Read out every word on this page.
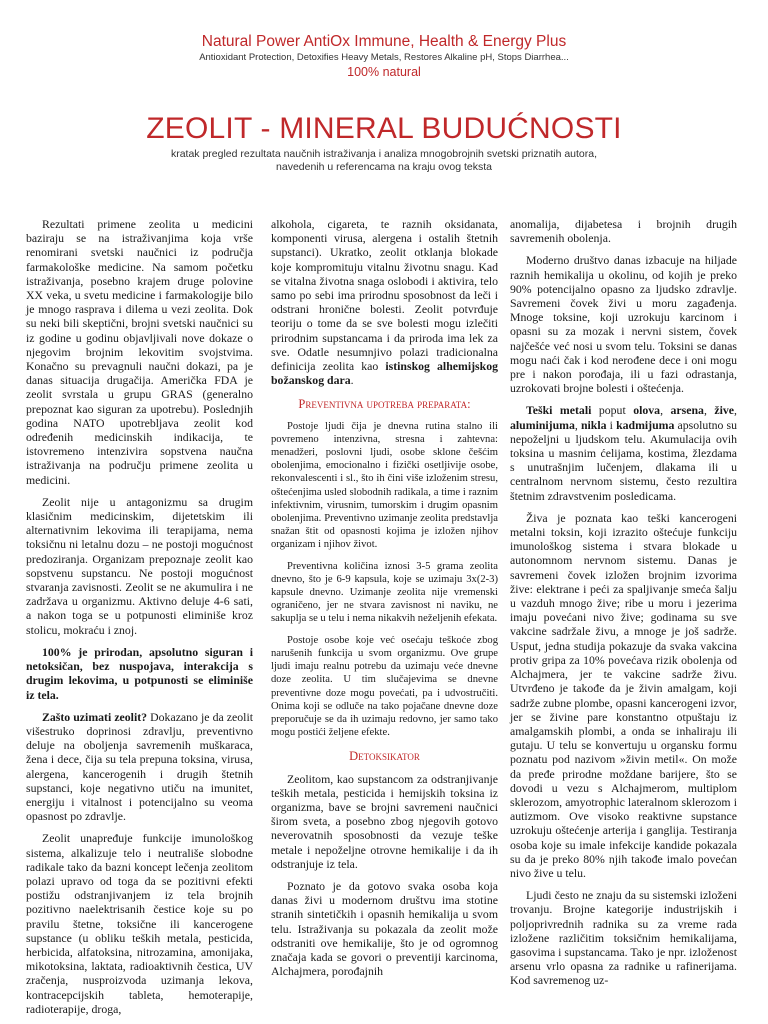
Natural Power AntiOx Immune, Health & Energy Plus
Antioxidant Protection, Detoxifies Heavy Metals, Restores Alkaline pH, Stops Diarrhea...
100% natural
ZEOLIT - MINERAL BUDUĆNOSTI
kratak pregled rezultata naučnih istraživanja i analiza mnogobrojnih svetski priznatih autora,
navedenih u referencama na kraju ovog teksta

Rezultati primene zeolita u medicini baziraju se na istraživanjima koja vrše renomirani svetski naučnici iz područja farmakološke medicine. Na samom početku istraživanja, posebno krajem druge polovine XX veka, u svetu medicine i farmakologije bilo je mnogo rasprava i dilema u vezi zeolita. Dok su neki bili skeptični, brojni svetski naučnici su iz godine u godinu objavljivali nove dokaze o njegovim brojnim lekovitim svojstvima. Konačno su prevagnuli naučni dokazi, pa je danas situacija drugačija. Američka FDA je zeolit svrstala u grupu GRAS (generalno prepoznat kao siguran za upotrebu). Poslednjih godina NATO upotrebljava zeolit kod određenih medicinskih indikacija, te istovremeno intenzivira sopstvena naučna istraživanja na području primene zeolita u medicini.

Zeolit nije u antagonizmu sa drugim klasičnim medicinskim, dijetetskim ili alternativnim lekovima ili terapijama, nema toksičnu ni letalnu dozu – ne postoji mogućnost predoziranja. Organizam prepoznaje zeolit kao sopstvenu supstancu. Ne postoji mogućnost stvaranja zavisnosti. Zeolit se ne akumulira i ne zadržava u organizmu. Aktivno deluje 4-6 sati, a nakon toga se u potpunosti eliminiše kroz stolicu, mokraću i znoj.

100% je prirodan, apsolutno siguran i netoksičan, bez nuspojava, interakcija s drugim lekovima, u potpunosti se eliminiše iz tela.

Zašto uzimati zeolit? Dokazano je da zeolit višestruko doprinosi zdravlju, preventivno deluje na oboljenja savremenih muškaraca, žena i dece, čija su tela prepuna toksina, virusa, alergena, kancerogenih i drugih štetnih supstanci, koje negativno utiču na imunitet, energiju i vitalnost i potencijalno su veoma opasnost po zdravlje.

Zeolit unapređuje funkcije imunološkog sistema, alkalizuje telo i neutrališe slobodne radikale tako da bazni koncept lečenja zeolitom polazi upravo od toga da se pozitivni efekti postižu odstranjivanjem iz tela brojnih pozitivno naelektrisanih čestice koje su po pravilu štetne, toksične ili kancerogene supstance (u obliku teških metala, pesticida, herbicida, alfatoksina, nitrozamina, amonijaka, mikotoksina, laktata, radioaktivnih čestica, UV zračenja, nusproizvoda uzimanja lekova, kontracepcijskih tableta, hemoterapije, radioterapije, droga,

alkohola, cigareta, te raznih oksidanata, komponenti virusa, alergena i ostalih štetnih supstanci). Ukratko, zeolit otklanja blokade koje kompromituju vitalnu životnu snagu. Kad se vitalna životna snaga oslobodi i aktivira, telo samo po sebi ima prirodnu sposobnost da leči i odstrani hronične bolesti. Zeolit potvrđuje teoriju o tome da se sve bolesti mogu izlečiti prirodnim supstancama i da priroda ima lek za sve. Odatle nesumnjivo polazi tradicionalna definicija zeolita kao istinskog alhemijskog božanskog dara.

Preventivna upotreba preparata:

Postoje ljudi čija je dnevna rutina stalno ili povremeno intenzivna, stresna i zahtevna: menadžeri, poslovni ljudi, osobe sklone češćim obolenjima, emocionalno i fizički osetljivije osobe, rekonvalescenti i sl., što ih čini više izloženim stresu, oštećenjima usled slobodnih radikala, a time i raznim infektivnim, virusnim, tumorskim i drugim opasnim obolenjima. Preventivno uzimanje zeolita predstavlja snažan štit od opasnosti kojima je izložen njihov organizam i njihov život.

Preventivna količina iznosi 3-5 grama zeolita dnevno, što je 6-9 kapsula, koje se uzimaju 3x(2-3) kapsule dnevno. Uzimanje zeolita nije vremenski ograničeno, jer ne stvara zavisnost ni naviku, ne sakuplja se u telu i nema nikakvih neželjenih efekata.

Postoje osobe koje već osećaju teškoće zbog narušenih funkcija u svom organizmu. Ove grupe ljudi imaju realnu potrebu da uzimaju veće dnevne doze zeolita. U tim slučajevima se dnevne preventivne doze mogu povećati, pa i udvostručiti. Onima koji se odluče na tako pojačane dnevne doze preporučuje se da ih uzimaju redovno, jer samo tako mogu postići željene efekte.

Detoksikator

Zeolitom, kao supstancom za odstranjivanje teških metala, pesticida i hemijskih toksina iz organizma, bave se brojni savremeni naučnici širom sveta, a posebno zbog njegovih gotovo neverovatnih sposobnosti da vezuje teške metale i nepoželjne otrovne hemikalije i da ih odstranjuje iz tela.

Poznato je da gotovo svaka osoba koja danas živi u modernom društvu ima stotine stranih sintetičkih i opasnih hemikalija u svom telu. Istraživanja su pokazala da zeolit može odstraniti ove hemikalije, što je od ogromnog značaja kada se govori o preventiji karcinoma, Alchajmera, porođajnih

anomalija, dijabetesa i brojnih drugih savremenih obolenja.

Moderno društvo danas izbacuje na hiljade raznih hemikalija u okolinu, od kojih je preko 90% potencijalno opasno za ljudsko zdravlje. Savremeni čovek živi u moru zagađenja. Mnoge toksine, koji uzrokuju karcinom i opasni su za mozak i nervni sistem, čovek najčešće već nosi u svom telu. Toksini se danas mogu naći čak i kod nerođene dece i oni mogu pre i nakon porođaja, ili u fazi odrastanja, uzrokovati brojne bolesti i oštećenja.

Teški metali poput olova, arsena, žive, aluminijuma, nikla i kadmijuma apsolutno su nepoželjni u ljudskom telu. Akumulacija ovih toksina u masnim ćelijama, kostima, žlezdama s unutrašnjim lučenjem, dlakama ili u centralnom nervnom sistemu, često rezultira štetnim zdravstvenim posledicama.

Živa je poznata kao teški kancerogeni metalni toksin, koji izrazito oštećuje funkciju imunološkog sistema i stvara blokade u autonomnom nervnom sistemu. Danas je savremeni čovek izložen brojnim izvorima žive: elektrane i peći za spaljivanje smeća šalju u vazduh mnogo žive; ribe u moru i jezerima imaju povećani nivo žive; godinama su sve vakcine sadržale živu, a mnoge je još sadrže. Usput, jedna studija pokazuje da svaka vakcina protiv gripa za 10% povećava rizik obolenja od Alchajmera, jer te vakcine sadrže živu. Utvrđeno je takođe da je živin amalgam, koji sadrže zubne plombe, opasni kancerogeni izvor, jer se živine pare konstantno otpuštaju iz amalgamskih plombi, a onda se inhaliraju ili gutaju. U telu se konvertuju u organsku formu poznatu pod nazivom »živin metil«. On može da pređe prirodne moždane barijere, što se dovodi u vezu s Alchajmerom, multiplom sklerozom, amyotrophic lateralnom sklerozom i autizmom. Ove visoko reaktivne supstance uzrokuju oštećenje arterija i ganglija. Testiranja osoba koje su imale infekcije kandide pokazala su da je preko 80% njih takođe imalo povećan nivo žive u telu.

Ljudi često ne znaju da su sistemski izloženi trovanju. Brojne kategorije industrijskih i poljoprivrednih radnika su za vreme rada izložene različitim toksičnim hemikalijama, gasovima i supstancama. Tako je npr. izloženost arsenu vrlo opasna za radnike u rafinerijama. Kod savremenog uz-
